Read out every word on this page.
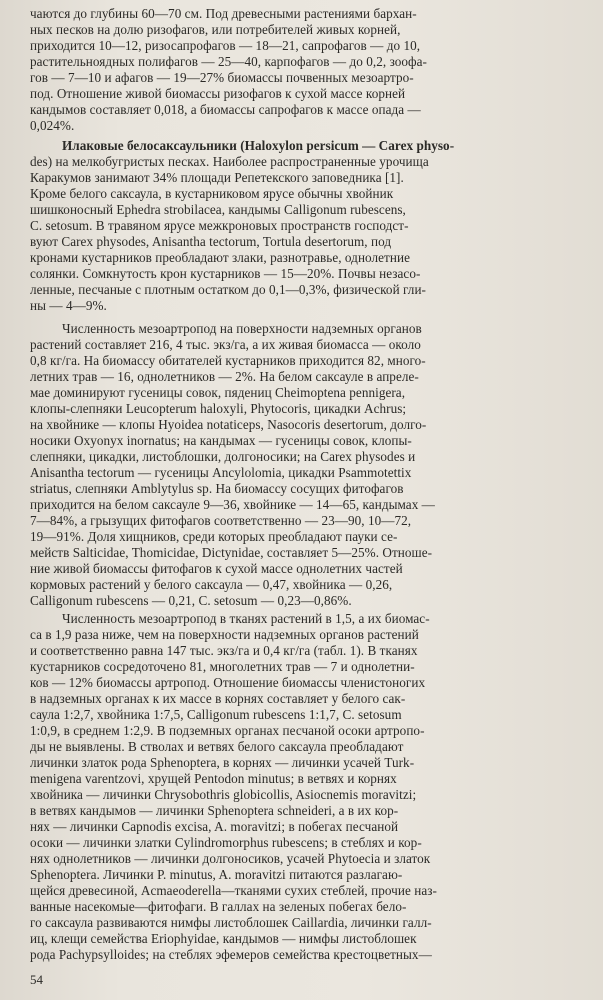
чаются до глубины 60—70 см. Под древесными растениями бархан-
ных песков на долю ризофагов, или потребителей живых корней,
приходится 10—12, ризосапрофагов — 18—21, сапрофагов — до 10,
растительноядных полифагов — 25—40, карпофагов — до 0,2, зоофа-
гов — 7—10 и афагов — 19—27% биомассы почвенных мезоартро-
под. Отношение живой биомассы ризофагов к сухой массе корней
кандымов составляет 0,018, а биомассы сапрофагов к массе опада —
0,024%.
Илаковые белосаксаульники (Haloxylon persicum — Carex physo-
des) на мелкобугристых песках. Наиболее распространенные урочища
Каракумов занимают 34% площади Репетекского заповедника [1].
Кроме белого саксаула, в кустарниковом ярусе обычны хвойник
шишконосный Ephedra strobilacea, кандымы Calligonum rubescens,
C. setosum. В травяном ярусе межкроновых пространств господст-
вуют Carex physodes, Anisantha tectorum, Tortula desertorum, под
кронами кустарников преобладают злаки, разнотравье, однолетние
солянки. Сомкнутость крон кустарников — 15—20%. Почвы незасо-
ленные, песчаные с плотным остатком до 0,1—0,3%, физической гли-
ны — 4—9%.
Численность мезоартропод на поверхности надземных органов
растений составляет 216, 4 тыс. экз/га, а их живая биомасса — около
0,8 кг/га. На биомассу обитателей кустарников приходится 82, много-
летних трав — 16, однолетников — 2%. На белом саксауле в апреле-
мае доминируют гусеницы совок, пядениц Cheimoptena pennigera,
клопы-слепняки Leucopterum haloxyli, Phytocoris, цикадки Achrus;
на хвойнике — клопы Hyoidea notaticeps, Nasocoris desertorum, долго-
носики Oxyonyx inornatus; на кандымах — гусеницы совок, клопы-
слепняки, цикадки, листоблошки, долгоносики; на Carex physodes и
Anisantha tectorum — гусеницы Ancylolomia, цикадки Psammotettix
striatus, слепняки Amblytylus sp. На биомассу сосущих фитофагов
приходится на белом саксауле 9—36, хвойнике — 14—65, кандымах —
7—84%, а грызущих фитофагов соответственно — 23—90, 10—72,
19—91%. Доля хищников, среди которых преобладают пауки се-
мейств Salticidae, Thomicidae, Dictynidae, составляет 5—25%. Отноше-
ние живой биомассы фитофагов к сухой массе однолетних частей
кормовых растений у белого саксаула — 0,47, хвойника — 0,26,
Calligonum rubescens — 0,21, C. setosum — 0,23—0,86%.
Численность мезоартропод в тканях растений в 1,5, а их биомас-
са в 1,9 раза ниже, чем на поверхности надземных органов растений
и соответственно равна 147 тыс. экз/га и 0,4 кг/га (табл. 1). В тканях
кустарников сосредоточено 81, многолетних трав — 7 и однолетни-
ков — 12% биомассы артропод. Отношение биомассы членистоногих
в надземных органах к их массе в корнях составляет у белого сак-
саула 1:2,7, хвойника 1:7,5, Calligonum rubescens 1:1,7, C. setosum
1:0,9, в среднем 1:2,9. В подземных органах песчаной осоки артропо-
ды не выявлены. В стволах и ветвях белого саксаула преобладают
личинки златок рода Sphenoptera, в корнях — личинки усачей Turk-
menigena varentzovi, хрущей Pentodon minutus; в ветвях и корнях
хвойника — личинки Chrysobothris globicollis, Asiocnemis moravitzi;
в ветвях кандымов — личинки Sphenoptera schneideri, а в их кор-
нях — личинки Capnodis excisa, A. moravitzi; в побегах песчаной
осоки — личинки златки Cylindromorphus rubescens; в стеблях и кор-
нях однолетников — личинки долгоносиков, усачей Phytoecia и златок
Sphenoptera. Личинки P. minutus, A. moravitzi питаются разлагаю-
щейся древесиной, Acmaeoderella—тканями сухих стеблей, прочие наз-
ванные насекомые—фитофаги. В галлах на зеленых побегах бело-
го саксаула развиваются нимфы листоблошек Caillardia, личинки галл-
иц, клещи семейства Eriophyidae, кандымов — нимфы листоблошек
рода Pachypsylloides; на стеблях эфемеров семейства крестоцветных—
54
